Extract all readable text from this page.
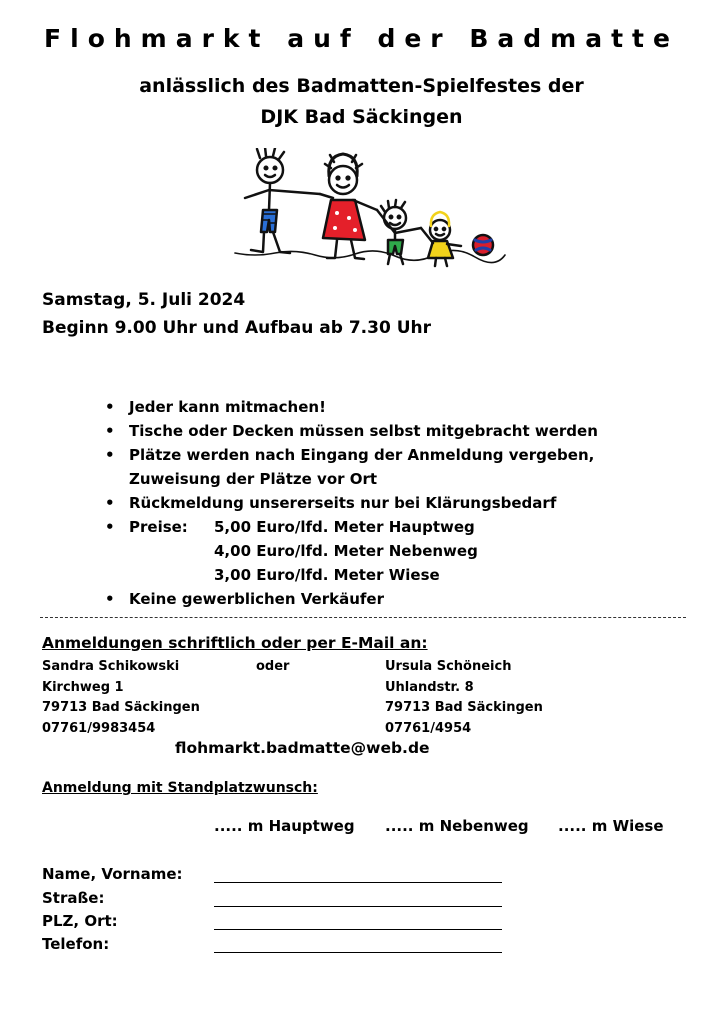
Flohmarkt auf der Badmatte
anlässlich des Badmatten-Spielfestes der
DJK Bad Säckingen
Samstag, 5. Juli 2024
Beginn 9.00 Uhr und Aufbau ab 7.30 Uhr
• Jeder kann mitmachen!
• Tische oder Decken müssen selbst mitgebracht werden
• Plätze werden nach Eingang der Anmeldung vergeben,
Zuweisung der Plätze vor Ort
• Rückmeldung unsererseits nur bei Klärungsbedarf
• Preise: 5,00 Euro/lfd. Meter Hauptweg
4,00 Euro/lfd. Meter Nebenweg
3,00 Euro/lfd. Meter Wiese
• Keine gewerblichen Verkäufer
Anmeldungen schriftlich oder per E-Mail an:
Sandra Schikowski
Kirchweg 1
79713 Bad Säckingen
07761/9983454
oder	Ursula Schöneich
Uhlandstr. 8
79713 Bad Säckingen
07761/4954
flohmarkt.badmatte@web.de
Anmeldung mit Standplatzwunsch:
..... m Hauptweg ..... m Nebenweg ..... m Wiese
Name, Vorname:
Straße:
PLZ, Ort:
Telefon:
